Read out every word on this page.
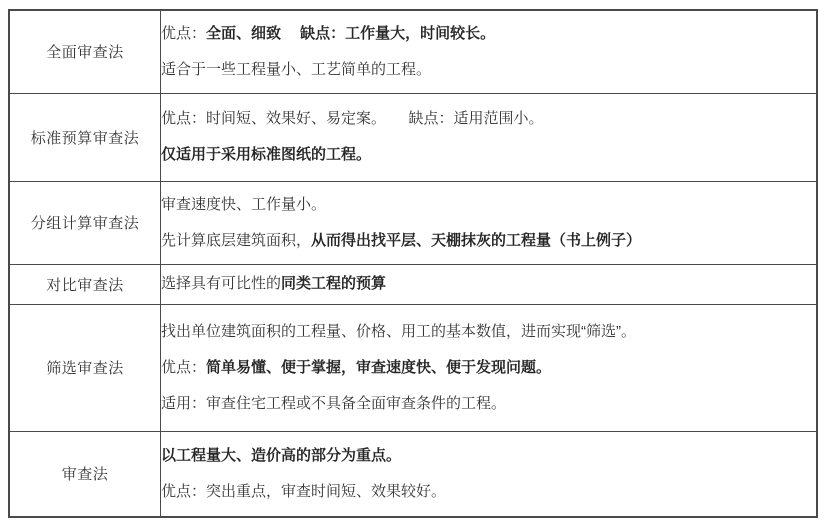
全面审查法	优点：全面、细致　 缺点：工作量大，时间较长。
适合于一些工程量小、工艺简单的工程。

标准预算审查法	优点：时间短、效果好、易定案。　　缺点：适用范围小。
仅适用于采用标准图纸的工程。

分组计算审查法	审查速度快、工作量小。
先计算底层建筑面积，从而得出找平层、天棚抹灰的工程量（书上例子）

对比审查法	选择具有可比性的同类工程的预算

筛选审查法	找出单位建筑面积的工程量、价格、用工的基本数值，进而实现“筛选”。
优点：简单易懂、便于掌握，审查速度快、便于发现问题。
适用：审查住宅工程或不具备全面审查条件的工程。

审查法	以工程量大、造价高的部分为重点。
优点：突出重点，审查时间短、效果较好。
